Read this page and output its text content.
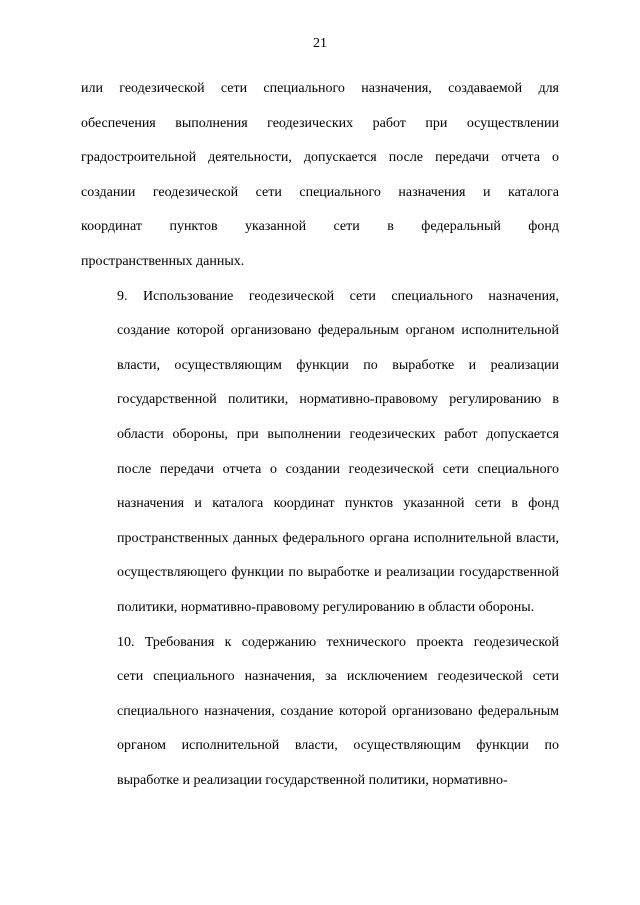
21

или геодезической сети специального назначения, создаваемой для
обеспечения выполнения геодезических работ при осуществлении
градостроительной деятельности, допускается после передачи отчета о
создании геодезической сети специального назначения и каталога
координат пунктов указанной сети в федеральный фонд
пространственных данных.

9. Использование геодезической сети специального назначения,
создание которой организовано федеральным органом исполнительной
власти, осуществляющим функции по выработке и реализации
государственной политики, нормативно-правовому регулированию в
области обороны, при выполнении геодезических работ допускается
после передачи отчета о создании геодезической сети специального
назначения и каталога координат пунктов указанной сети в фонд
пространственных данных федерального органа исполнительной власти,
осуществляющего функции по выработке и реализации государственной
политики, нормативно-правовому регулированию в области обороны.

10. Требования к содержанию технического проекта геодезической
сети специального назначения, за исключением геодезической сети
специального назначения, создание которой организовано федеральным
органом исполнительной власти, осуществляющим функции по
выработке и реализации государственной политики, нормативно-
